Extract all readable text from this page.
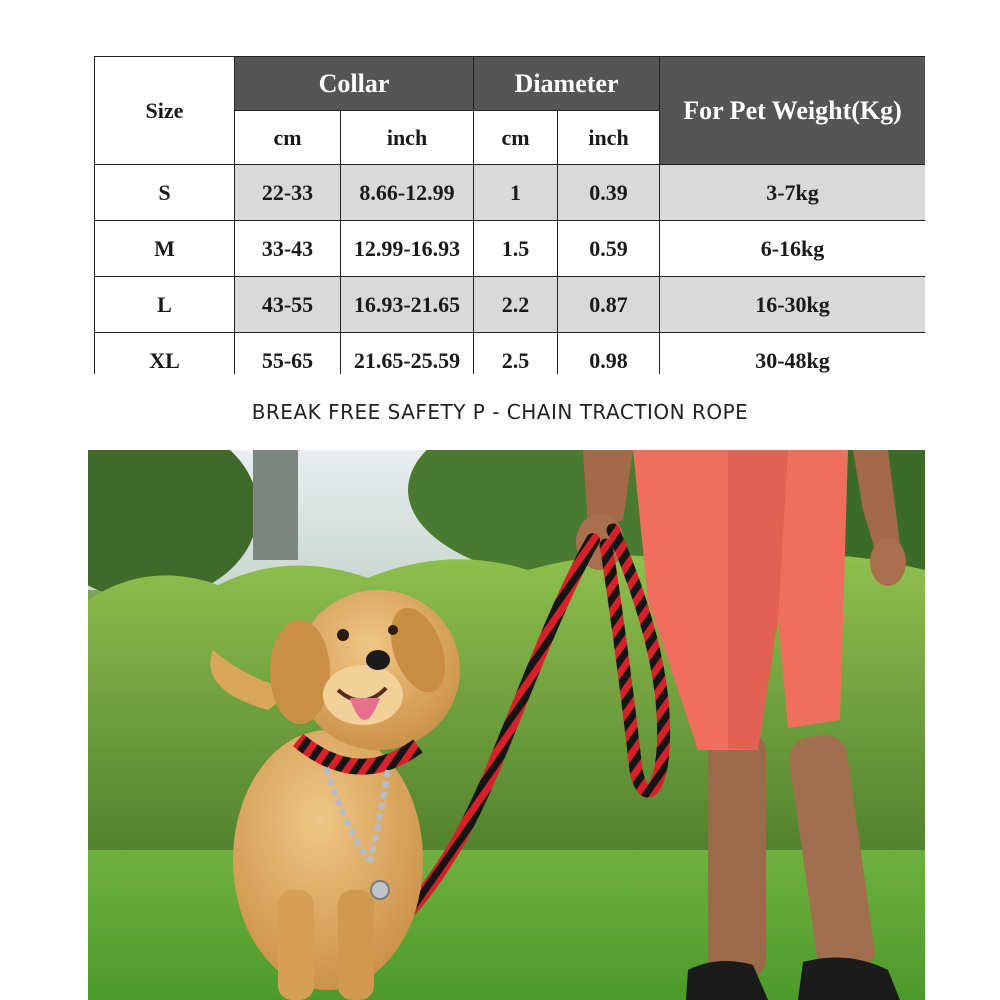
Size	Collar		Diameter		For Pet Weight(Kg)
	cm	inch	cm	inch	
S	22-33	8.66-12.99	1	0.39	3-7kg
M	33-43	12.99-16.93	1.5	0.59	6-16kg
L	43-55	16.93-21.65	2.2	0.87	16-30kg
XL	55-65	21.65-25.59	2.5	0.98	30-48kg
BREAK FREE SAFETY P - CHAIN TRACTION ROPE
